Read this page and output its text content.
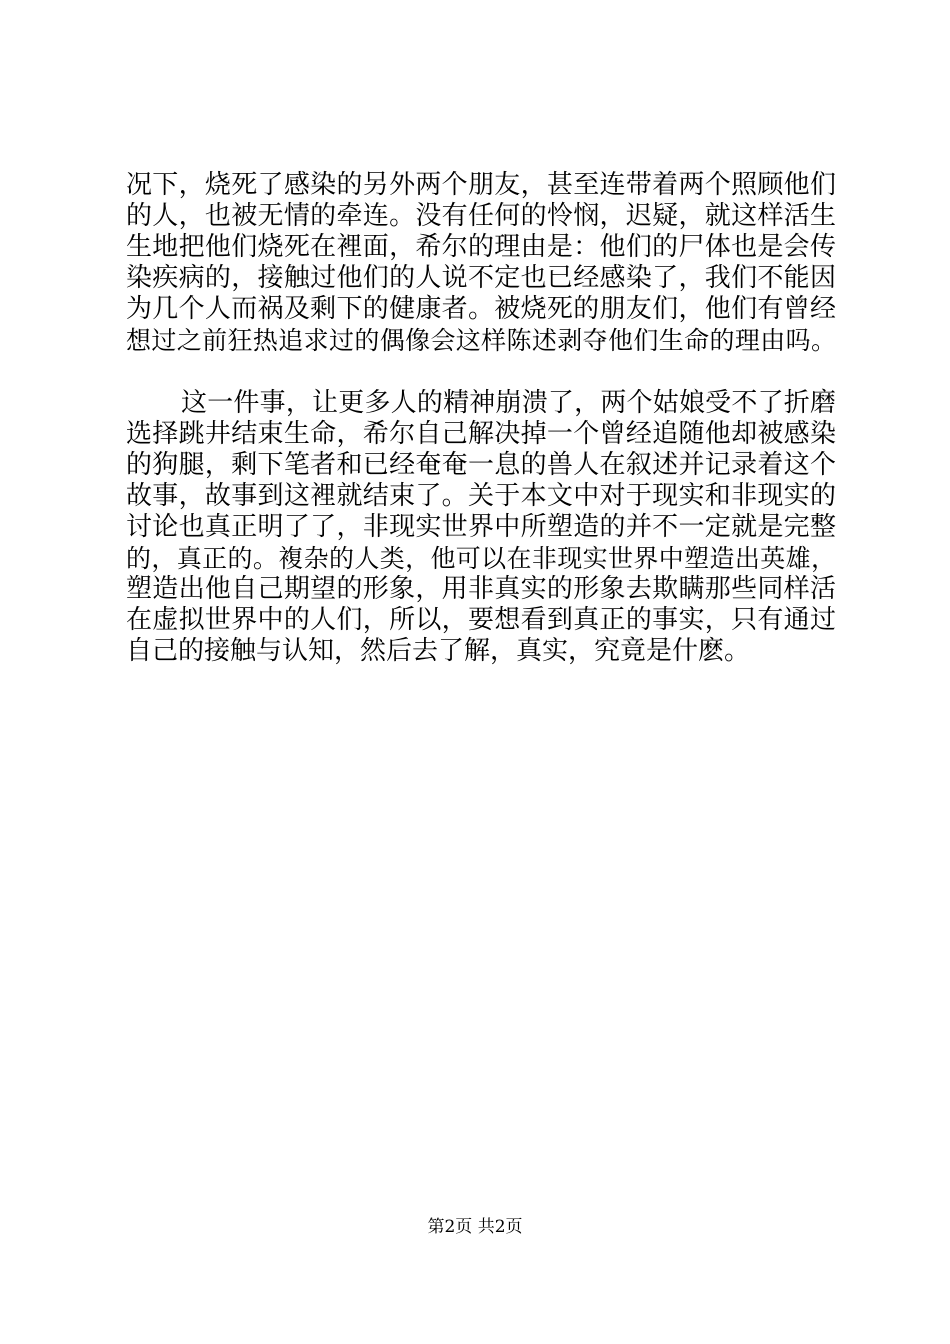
况下，烧死了感染的另外两个朋友，甚至连带着两个照顾他们
的人，也被无情的牵连。没有任何的怜悯，迟疑，就这样活生
生地把他们烧死在裡面，希尔的理由是：他们的尸体也是会传
染疾病的，接触过他们的人说不定也已经感染了，我们不能因
为几个人而祸及剩下的健康者。被烧死的朋友们，他们有曾经
想过之前狂热追求过的偶像会这样陈述剥夺他们生命的理由吗。
这一件事，让更多人的精神崩溃了，两个姑娘受不了折磨
选择跳井结束生命，希尔自己解决掉一个曾经追随他却被感染
的狗腿，剩下笔者和已经奄奄一息的兽人在叙述并记录着这个
故事，故事到这裡就结束了。关于本文中对于现实和非现实的
讨论也真正明了了，非现实世界中所塑造的并不一定就是完整
的，真正的。複杂的人类，他可以在非现实世界中塑造出英雄，
塑造出他自己期望的形象，用非真实的形象去欺瞒那些同样活
在虚拟世界中的人们，所以，要想看到真正的事实，只有通过
自己的接触与认知，然后去了解，真实，究竟是什麽。
第2页 共2页
